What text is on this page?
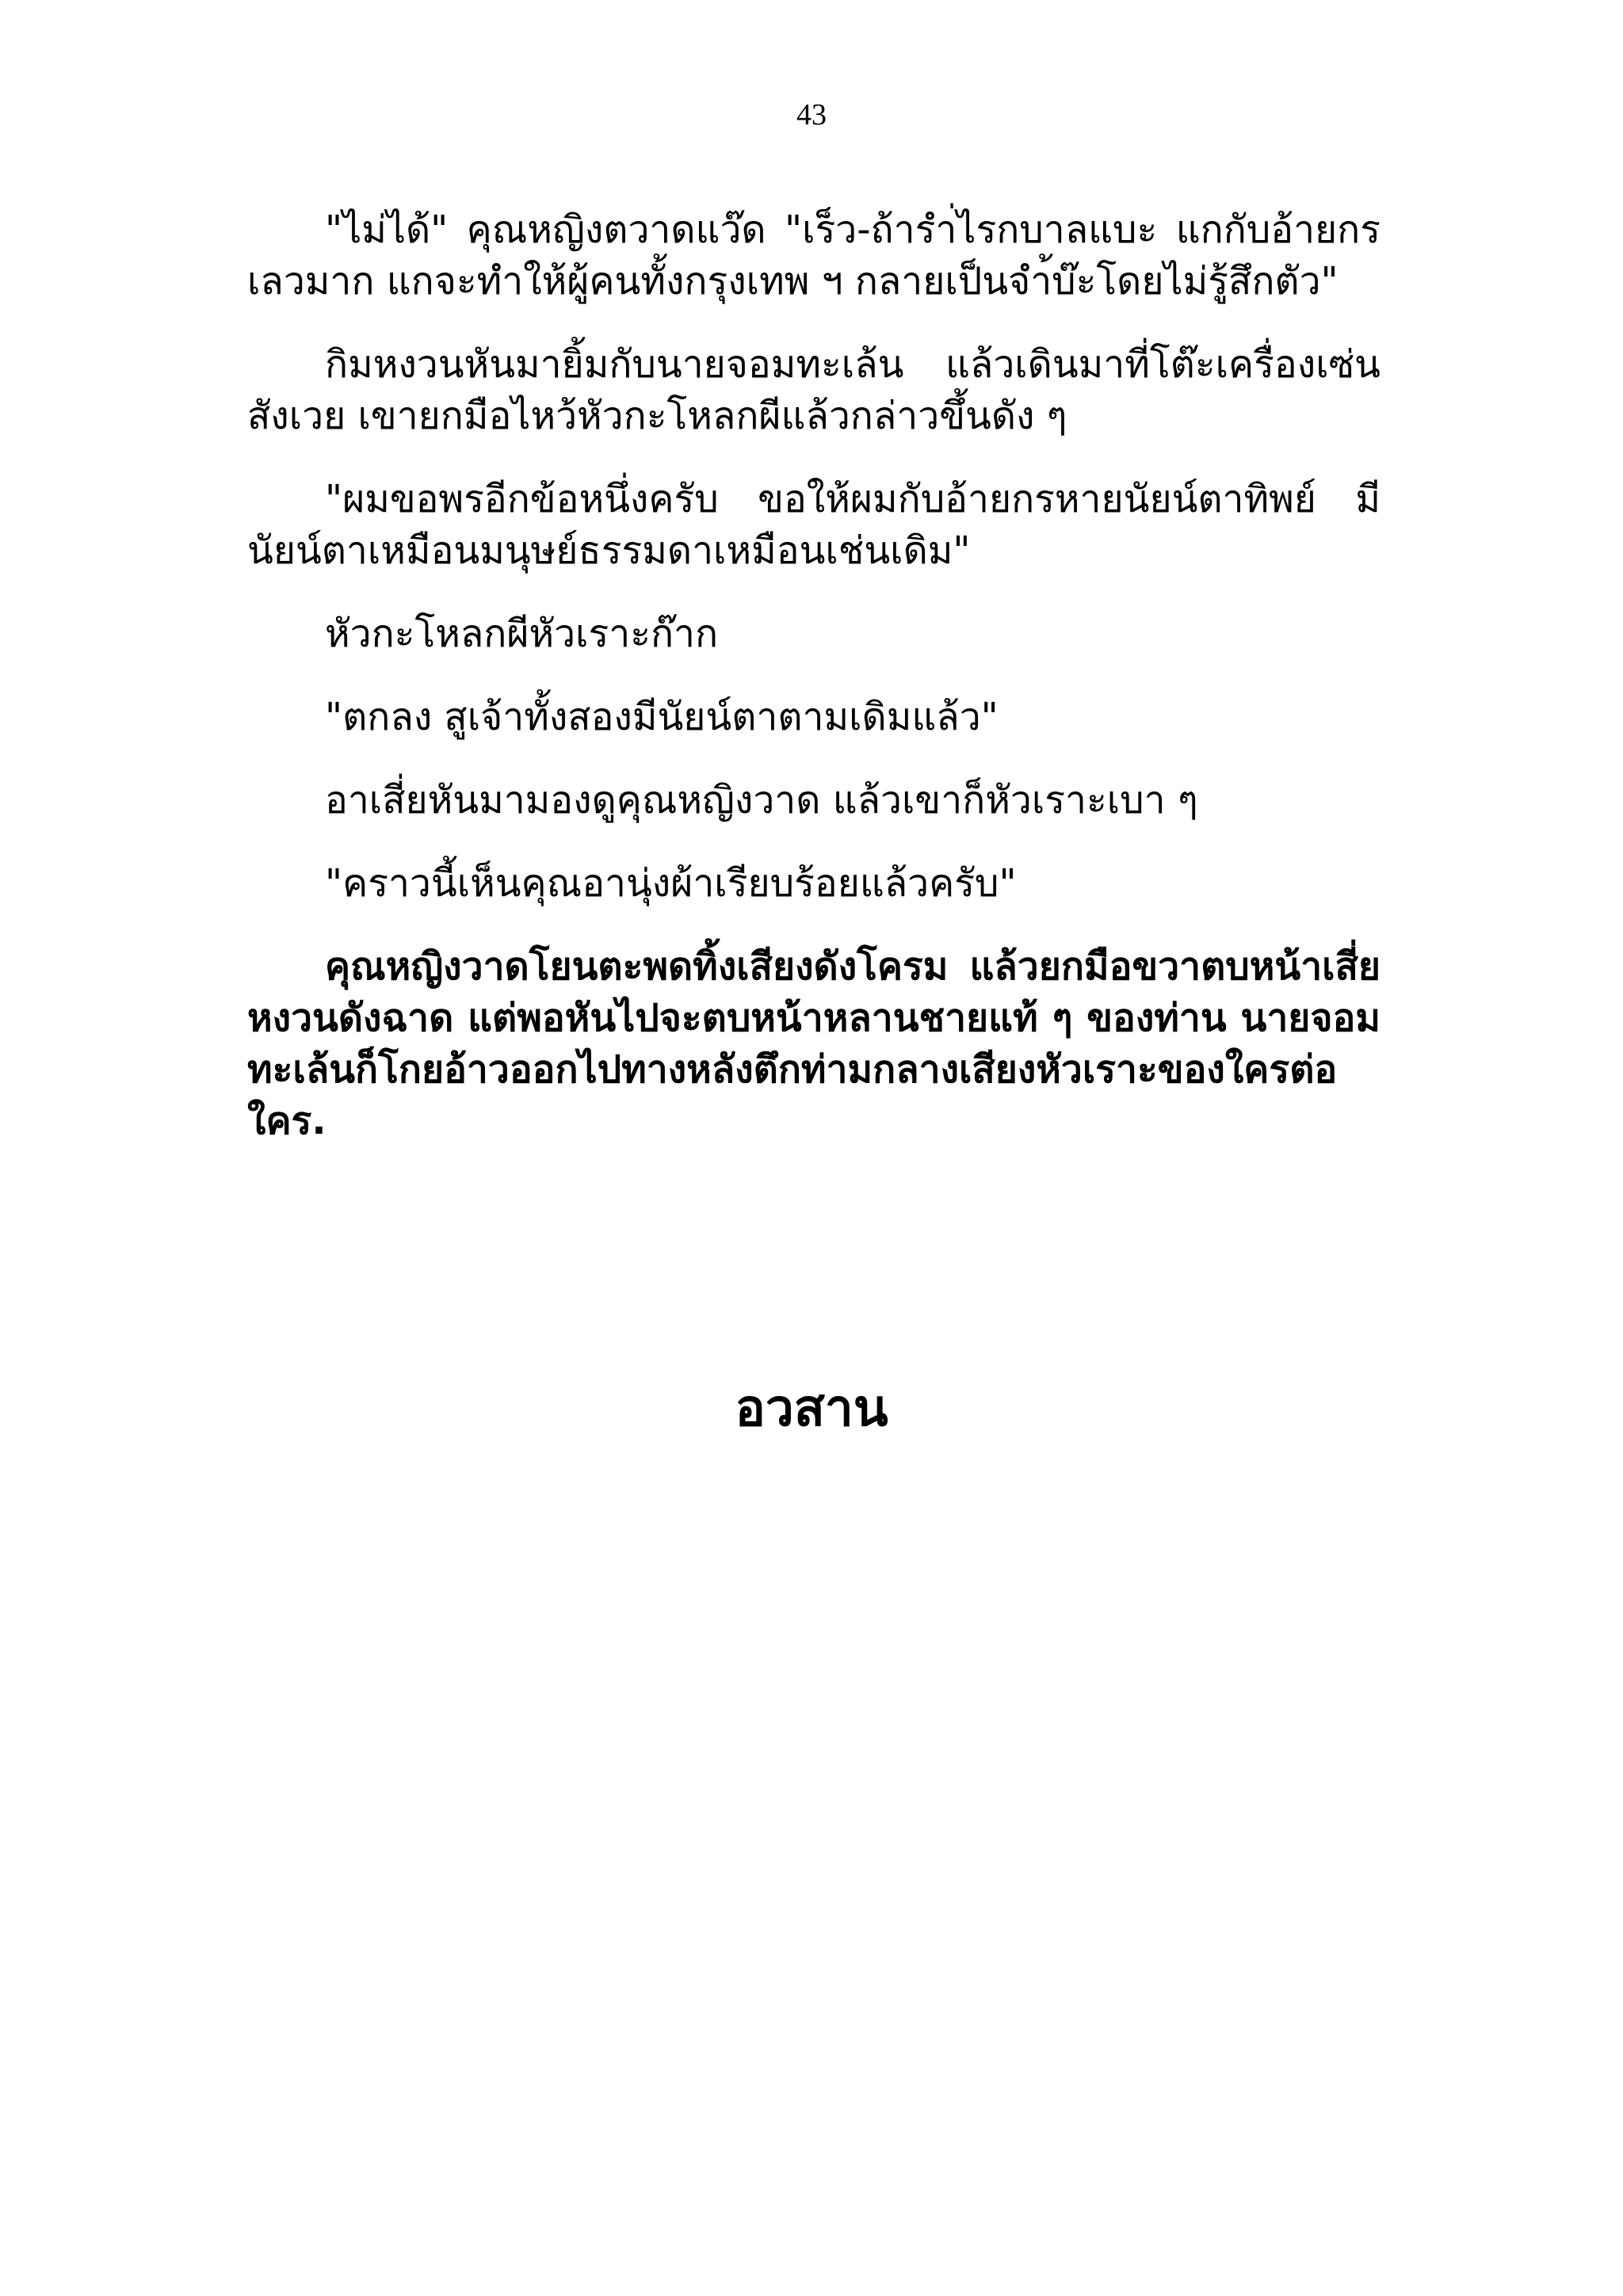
43

"ไม่ได้" คุณหญิงตวาดแว๊ด "เร็ว-ถ้ารำ่ไรกบาลแบะ แกกับอ้ายกรเลวมาก แกจะทำให้ผู้คนทั้งกรุงเทพ ฯ กลายเป็นจำ้บ๊ะโดยไม่รู้สึกตัว"

กิมหงวนหันมายิ้มกับนายจอมทะเล้น แล้วเดินมาที่โต๊ะเครื่องเซ่นสังเวย เขายกมือไหว้หัวกะโหลกผีแล้วกล่าวขึ้นดัง ๆ

"ผมขอพรอีกข้อหนึ่งครับ ขอให้ผมกับอ้ายกรหายนัยน์ตาทิพย์ มีนัยน์ตาเหมือนมนุษย์ธรรมดาเหมือนเช่นเดิม"

หัวกะโหลกผีหัวเราะก๊าก

"ตกลง สูเจ้าทั้งสองมีนัยน์ตาตามเดิมแล้ว"

อาเสี่ยหันมามองดูคุณหญิงวาด แล้วเขาก็หัวเราะเบา ๆ

"คราวนี้เห็นคุณอานุ่งผ้าเรียบร้อยแล้วครับ"

คุณหญิงวาดโยนตะพดทิ้งเสียงดังโครม แล้วยกมือขวาตบหน้าเสี่ยหงวนดังฉาด แต่พอหันไปจะตบหน้าหลานชายแท้ ๆ ของท่าน นายจอมทะเล้นก็โกยอ้าวออกไปทางหลังตึกท่ามกลางเสียงหัวเราะของใครต่อใคร.

อวสาน
